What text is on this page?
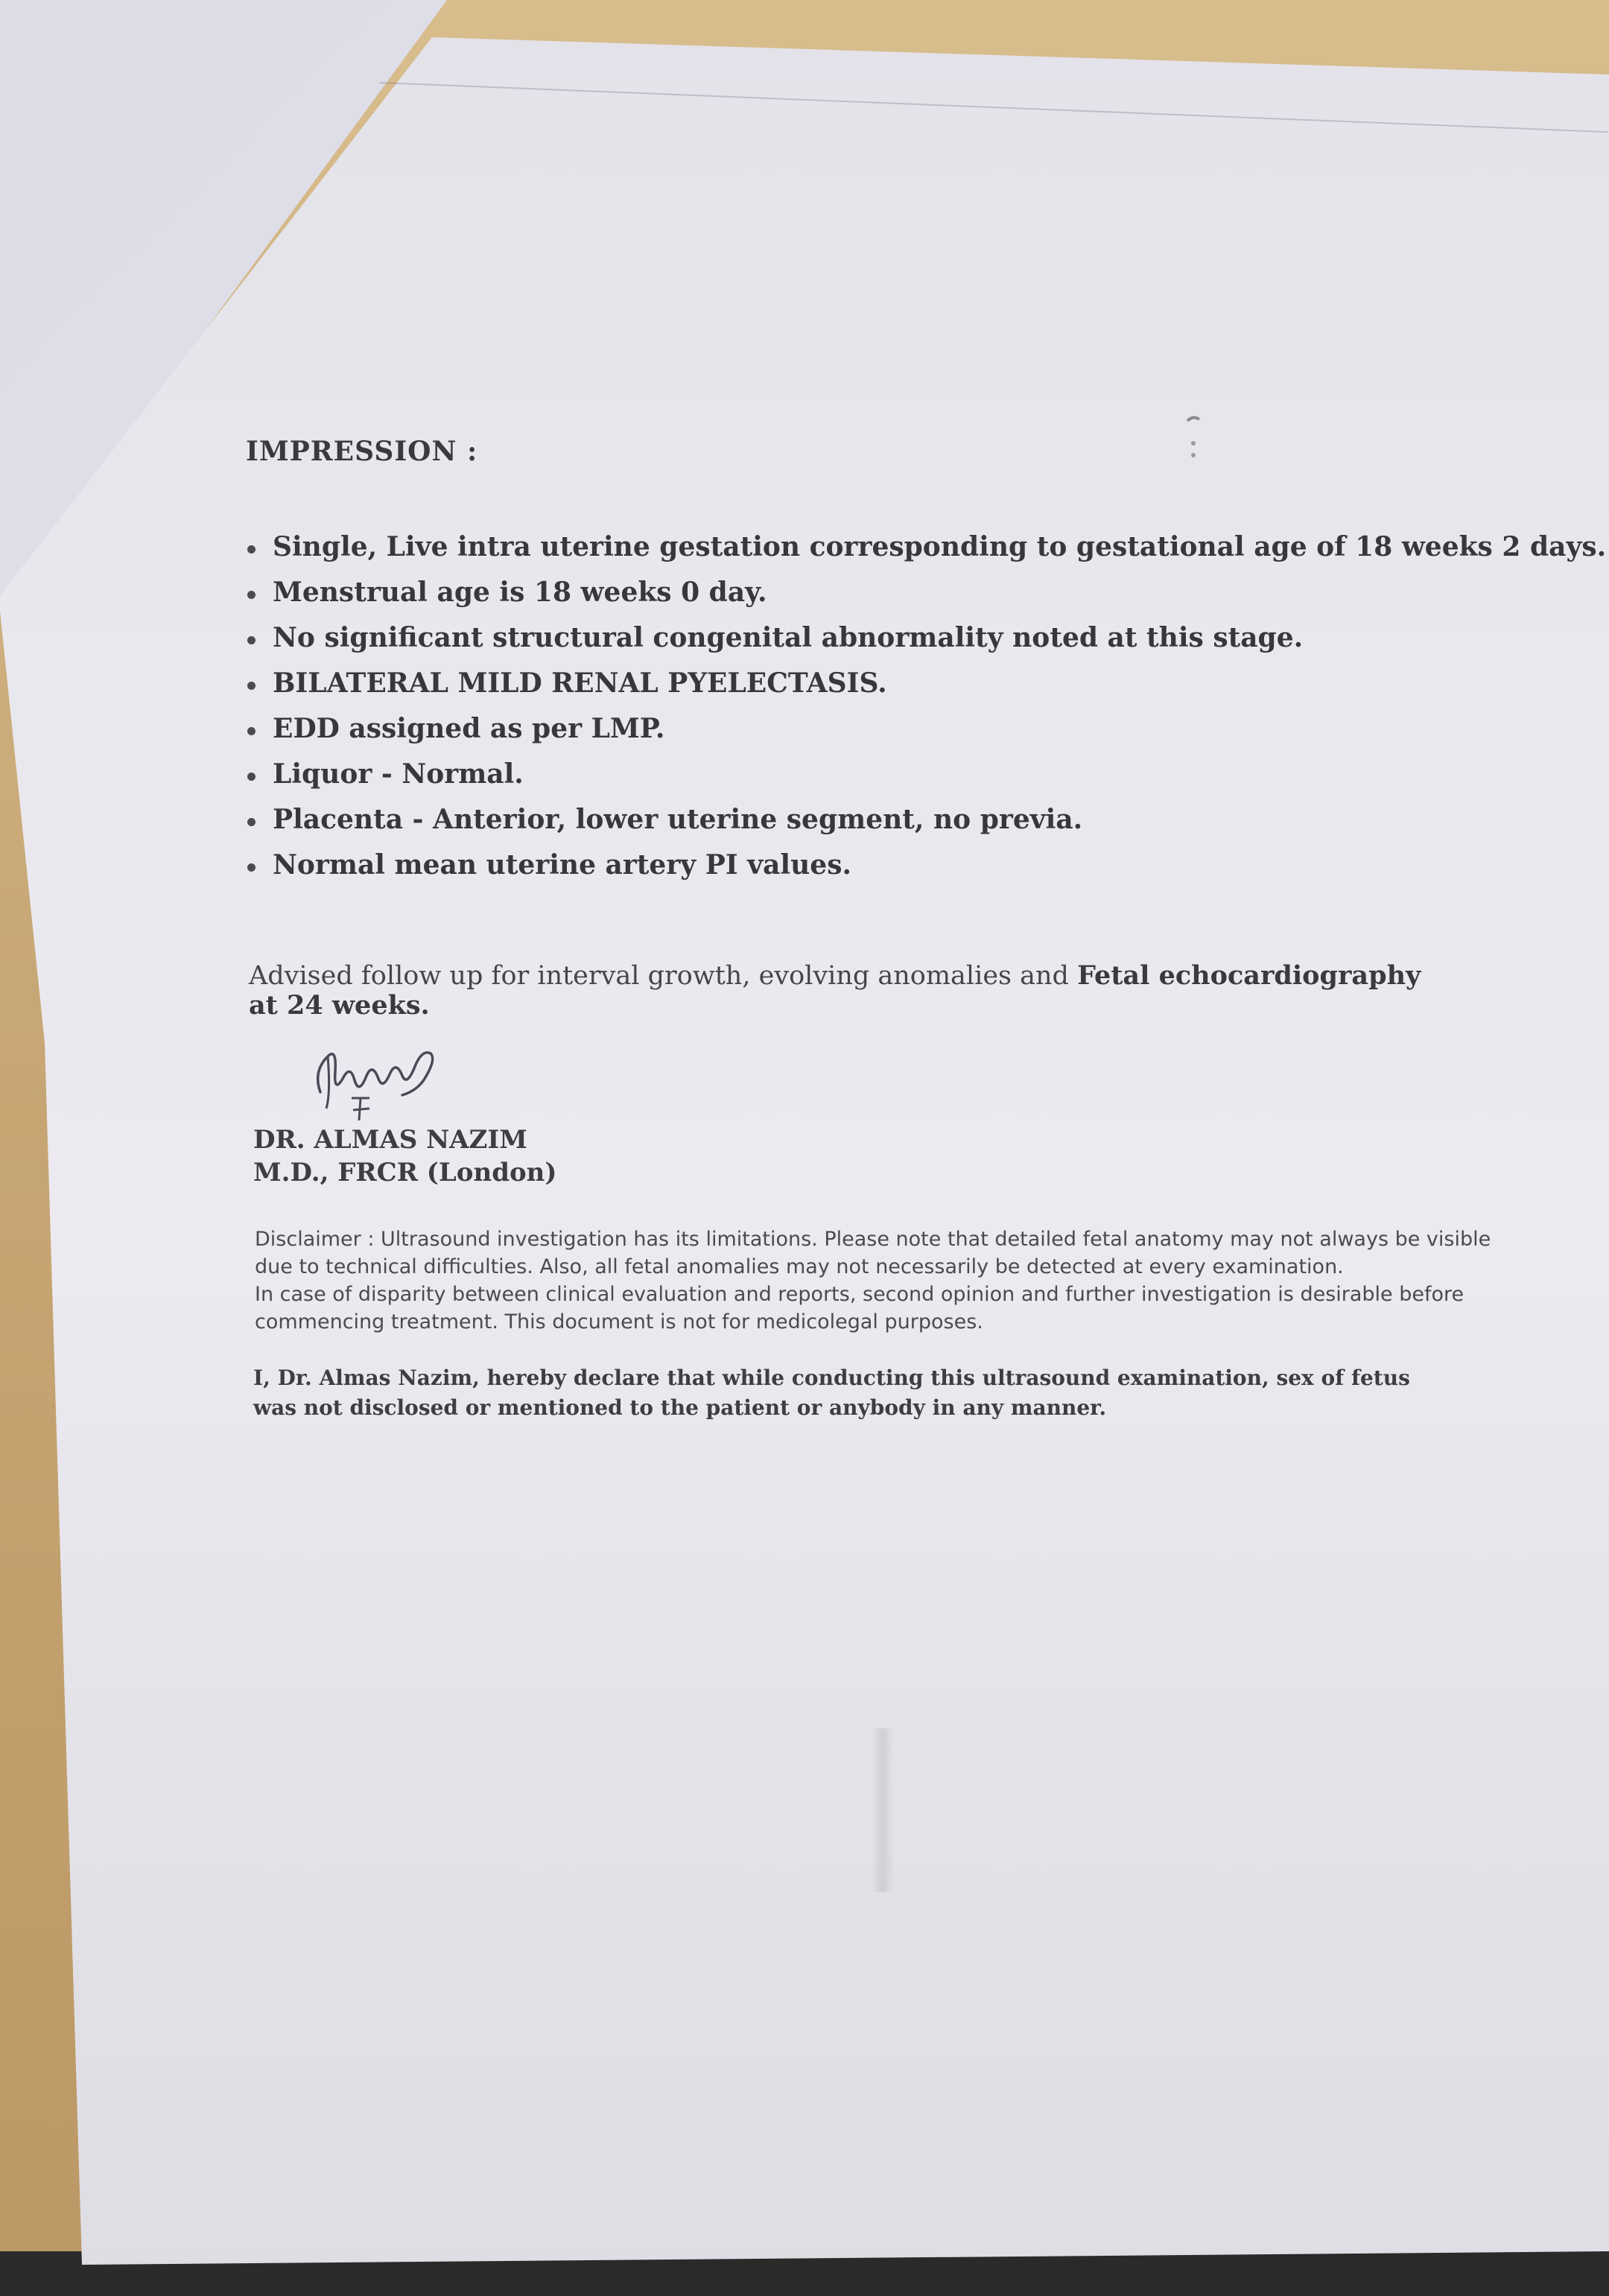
IMPRESSION :
Single, Live intra uterine gestation corresponding to gestational age of 18 weeks 2 days.
Menstrual age is 18 weeks 0 day.
No significant structural congenital abnormality noted at this stage.
BILATERAL MILD RENAL PYELECTASIS.
EDD assigned as per LMP.
Liquor - Normal.
Placenta - Anterior, lower uterine segment, no previa.
Normal mean uterine artery PI values.
Advised follow up for interval growth, evolving anomalies and Fetal echocardiography at 24 weeks.
DR. ALMAS NAZIM
M.D., FRCR (London)
Disclaimer : Ultrasound investigation has its limitations. Please note that detailed fetal anatomy may not always be visible due to technical difficulties. Also, all fetal anomalies may not necessarily be detected at every examination.
In case of disparity between clinical evaluation and reports, second opinion and further investigation is desirable before commencing treatment. This document is not for medicolegal purposes.
I, Dr. Almas Nazim, hereby declare that while conducting this ultrasound examination, sex of fetus was not disclosed or mentioned to the patient or anybody in any manner.
